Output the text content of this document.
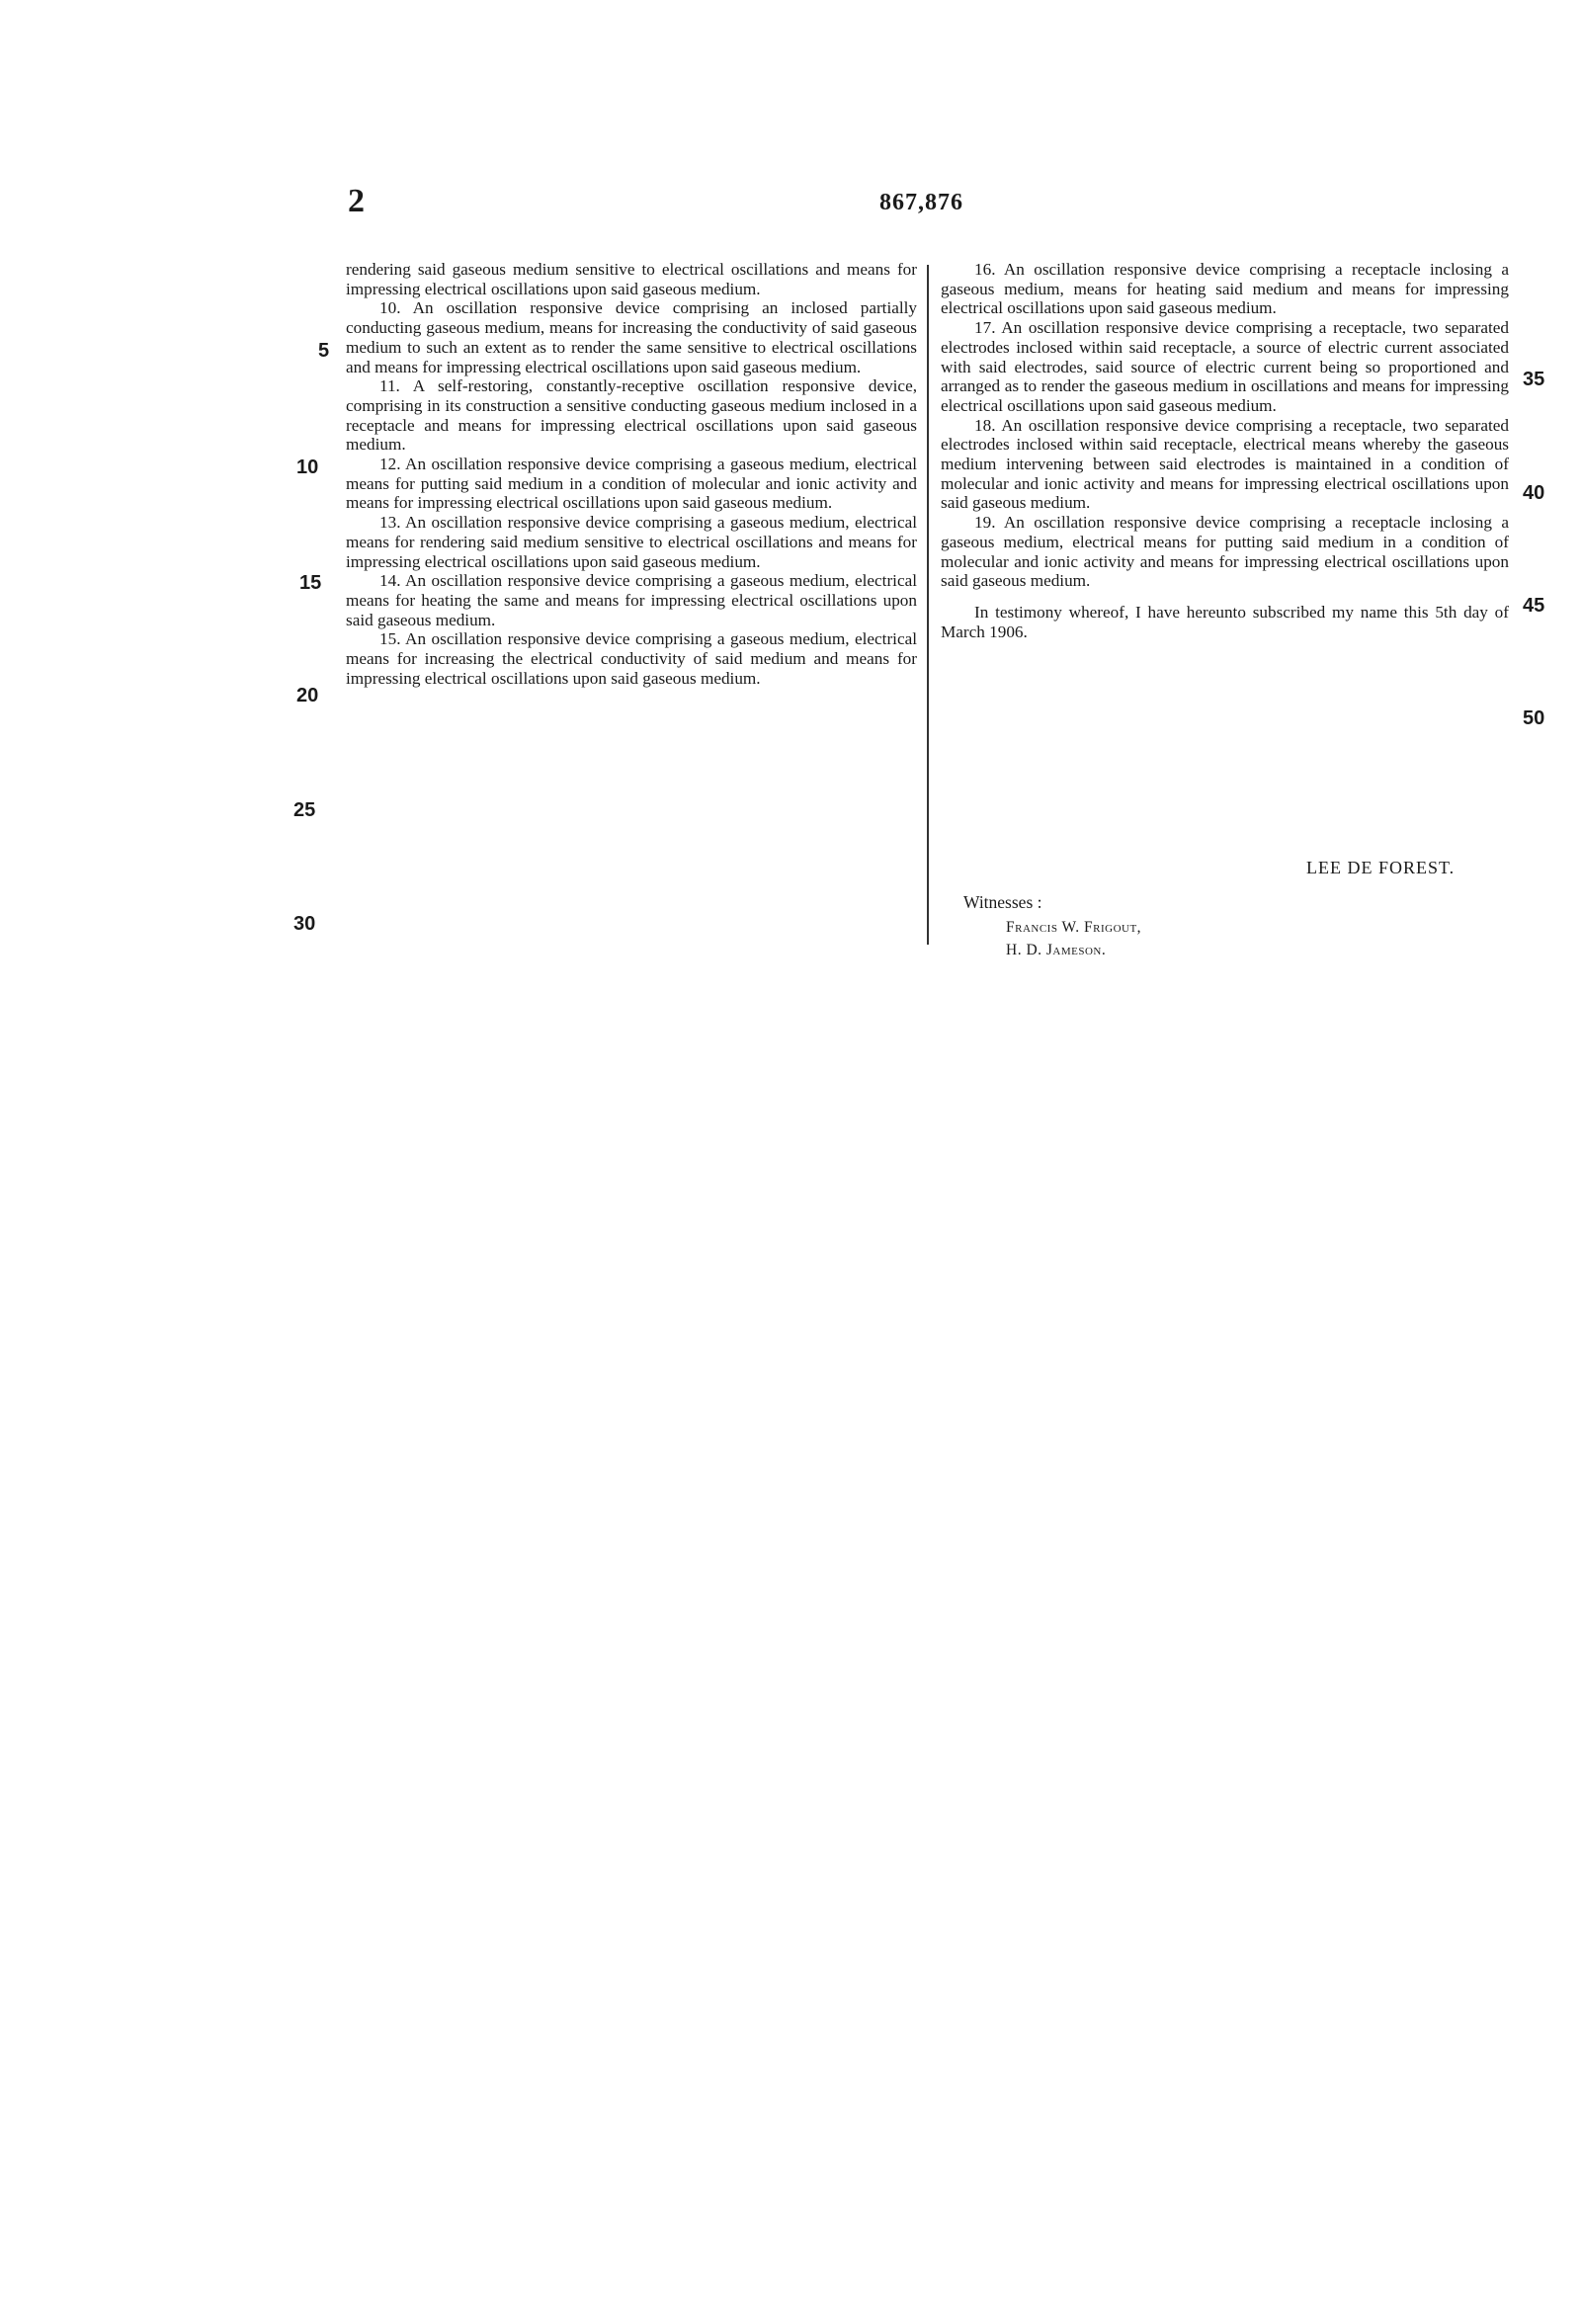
2	867,876

rendering said gaseous medium sensitive to electrical oscillations and means for impressing electrical oscillations upon said gaseous medium.

10. An oscillation responsive device comprising an inclosed partially conducting gaseous medium, means for increasing the conductivity of said gaseous medium to such an extent as to render the same sensitive to electrical oscillations and means for impressing electrical oscillations upon said gaseous medium.

11. A self-restoring, constantly-receptive oscillation responsive device, comprising in its construction a sensitive conducting gaseous medium inclosed in a receptacle and means for impressing electrical oscillations upon said gaseous medium.

12. An oscillation responsive device comprising a gaseous medium, electrical means for putting said medium in a condition of molecular and ionic activity and means for impressing electrical oscillations upon said gaseous medium.

13. An oscillation responsive device comprising a gaseous medium, electrical means for rendering said medium sensitive to electrical oscillations and means for impressing electrical oscillations upon said gaseous medium.

14. An oscillation responsive device comprising a gaseous medium, electrical means for heating the same and means for impressing electrical oscillations upon said gaseous medium.

15. An oscillation responsive device comprising a gaseous medium, electrical means for increasing the electrical conductivity of said medium and means for impressing electrical oscillations upon said gaseous medium.

5
10
15
20
25
30

16. An oscillation responsive device comprising a receptacle inclosing a gaseous medium, means for heating said medium and means for impressing electrical oscillations upon said gaseous medium.

17. An oscillation responsive device comprising a receptacle, two separated electrodes inclosed within said receptacle, a source of electric current associated with said electrodes, said source of electric current being so proportioned and arranged as to render the gaseous medium in oscillations and means for impressing electrical oscillations upon said gaseous medium.

18. An oscillation responsive device comprising a receptacle, two separated electrodes inclosed within said receptacle, electrical means whereby the gaseous medium intervening between said electrodes is maintained in a condition of molecular and ionic activity and means for impressing electrical oscillations upon said gaseous medium.

19. An oscillation responsive device comprising a receptacle inclosing a gaseous medium, electrical means for putting said medium in a condition of molecular and ionic activity and means for impressing electrical oscillations upon said gaseous medium.

In testimony whereof, I have hereunto subscribed my name this 5th day of March 1906.

35
40
45
50
LEE DE FOREST.
Witnesses :
Francis W. Frigout,
H. D. Jameson.
